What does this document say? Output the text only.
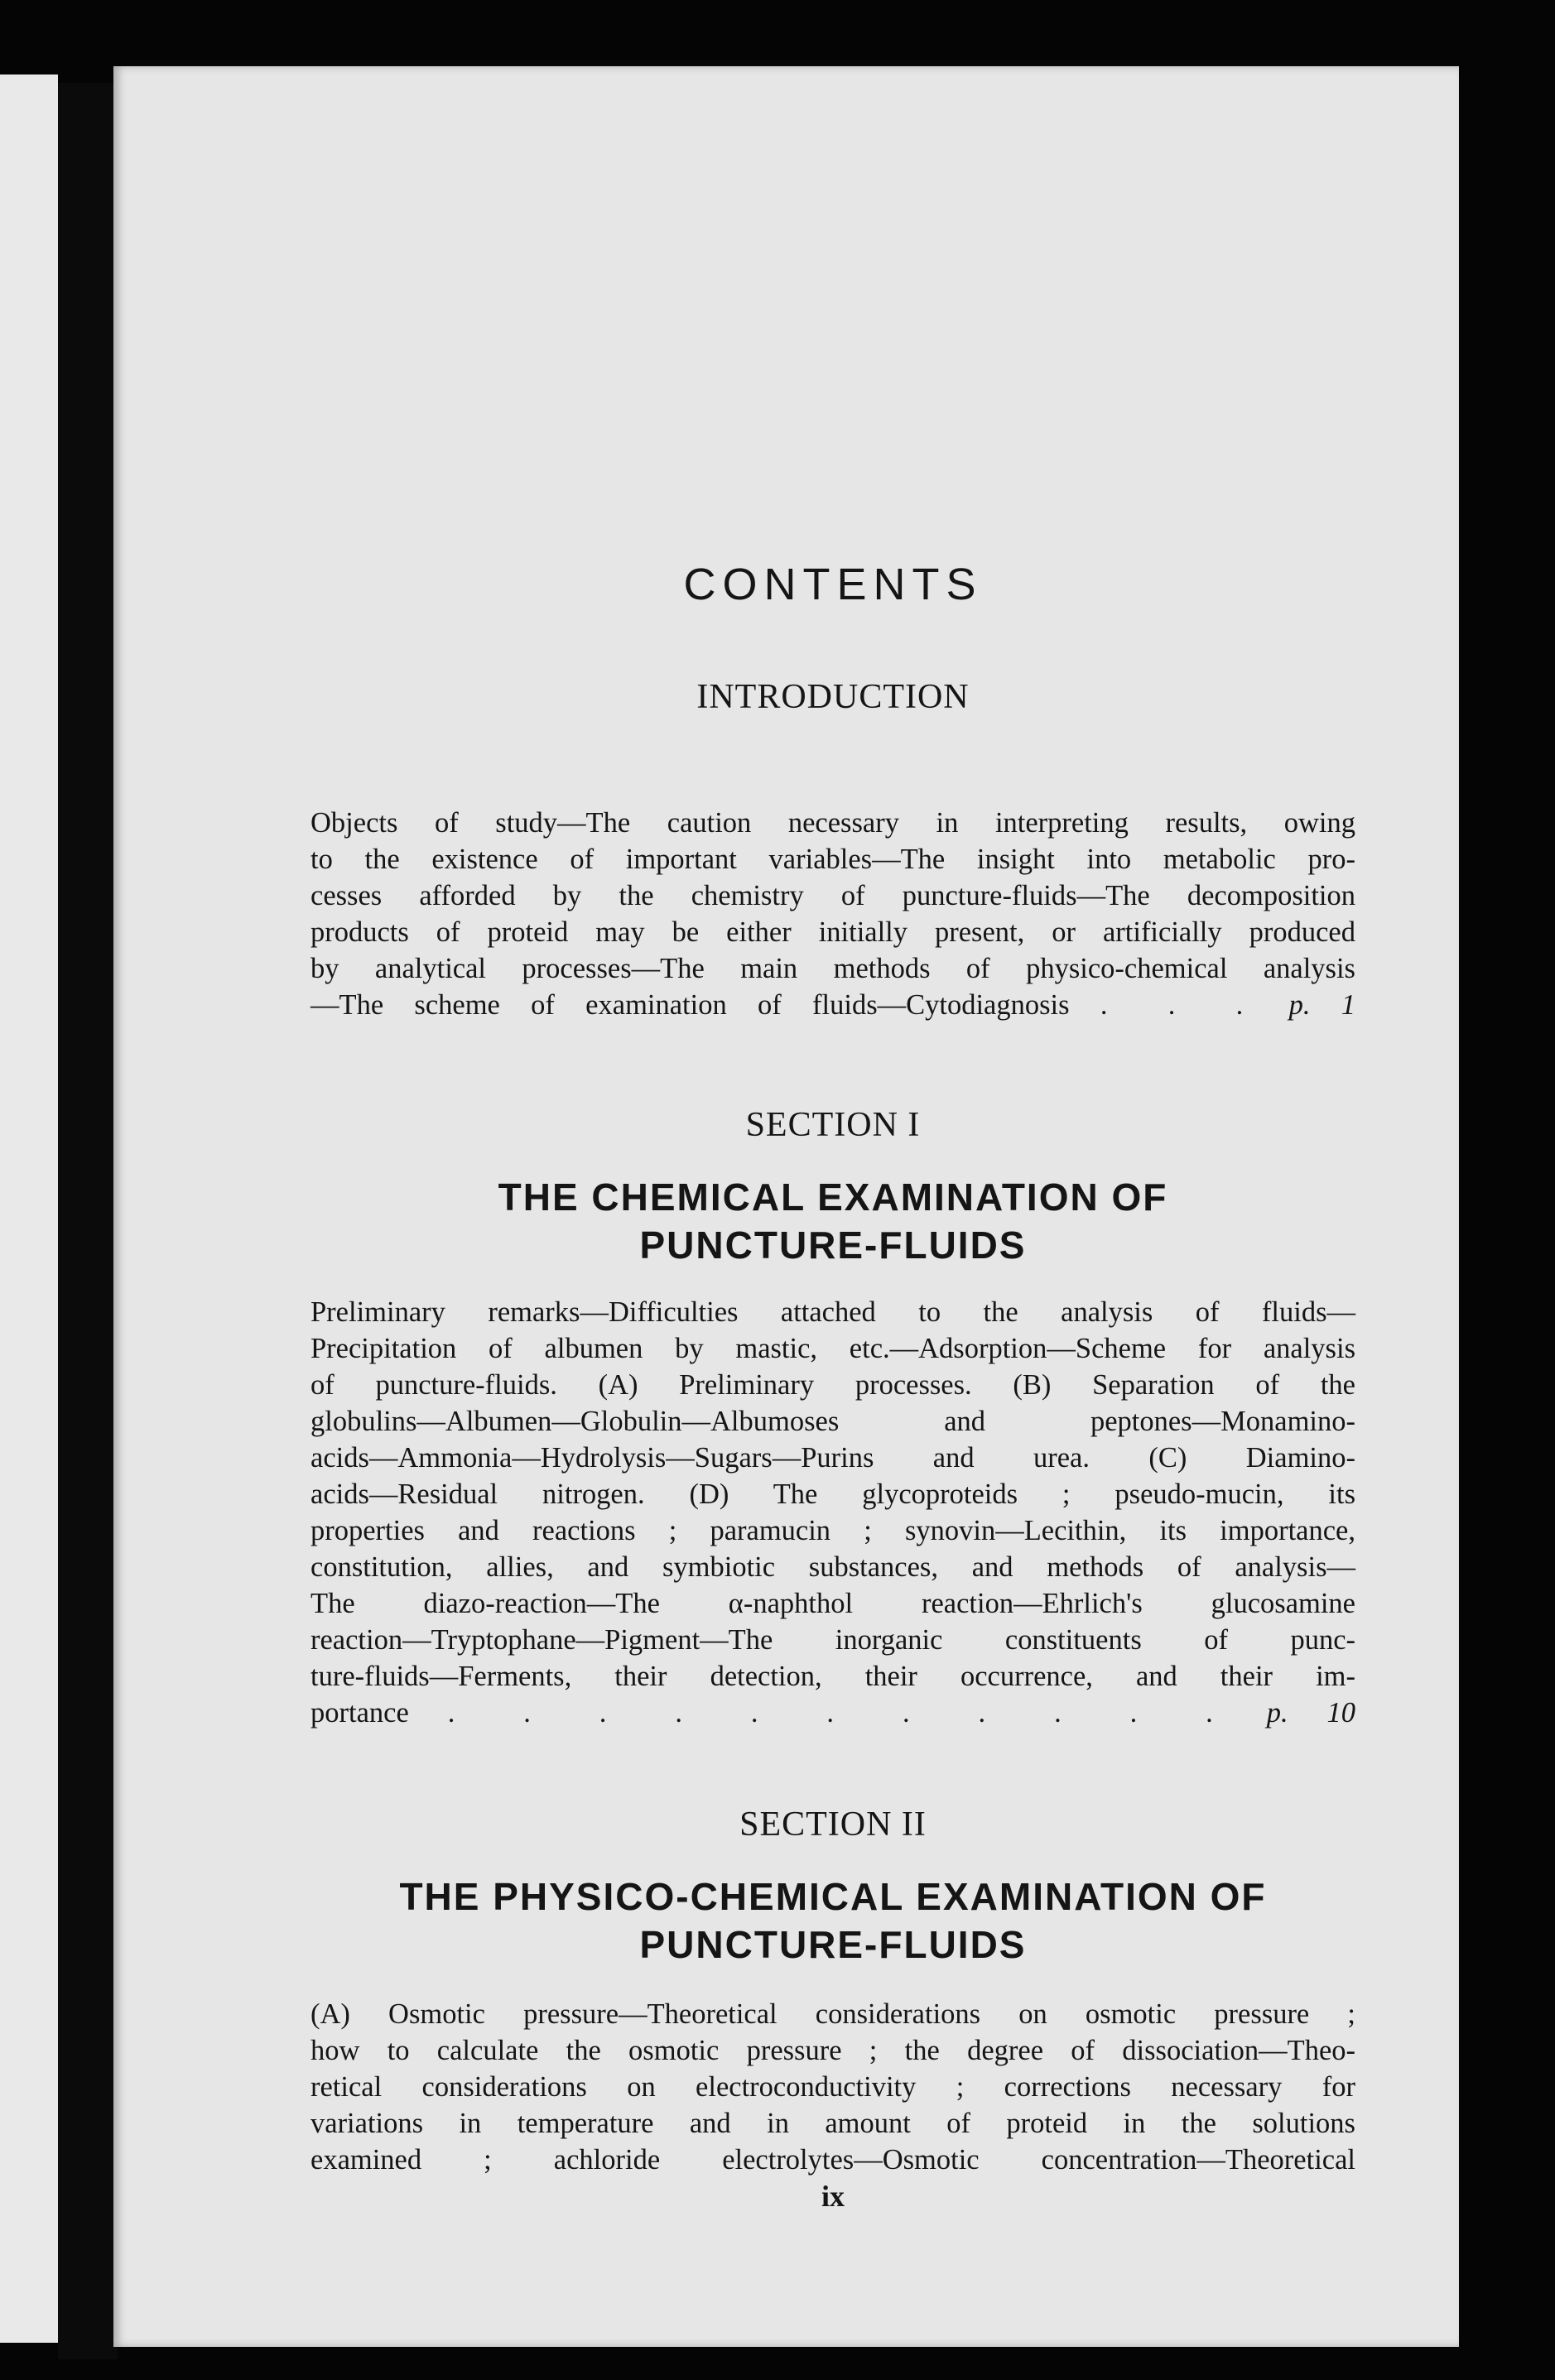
CONTENTS
INTRODUCTION
Objects of study—The caution necessary in interpreting results, owing
to the existence of important variables—The insight into metabolic pro-
cesses afforded by the chemistry of puncture-fluids—The decomposition
products of proteid may be either initially present, or artificially produced
by analytical processes—The main methods of physico-chemical analysis
—The scheme of examination of fluids—Cytodiagnosis . . . p. 1
SECTION I
THE CHEMICAL EXAMINATION OF
PUNCTURE-FLUIDS
Preliminary remarks—Difficulties attached to the analysis of fluids—
Precipitation of albumen by mastic, etc.—Adsorption—Scheme for analysis
of puncture-fluids. (A) Preliminary processes. (B) Separation of the
globulins—Albumen—Globulin—Albumoses and peptones—Monamino-
acids—Ammonia—Hydrolysis—Sugars—Purins and urea. (C) Diamino-
acids—Residual nitrogen. (D) The glycoproteids ; pseudo-mucin, its
properties and reactions ; paramucin ; synovin—Lecithin, its importance,
constitution, allies, and symbiotic substances, and methods of analysis—
The diazo-reaction—The α-naphthol reaction—Ehrlich's glucosamine
reaction—Tryptophane—Pigment—The inorganic constituents of punc-
ture-fluids—Ferments, their detection, their occurrence, and their im-
portance . . . . . . . . . . . p. 10
SECTION II
THE PHYSICO-CHEMICAL EXAMINATION OF
PUNCTURE-FLUIDS
(A) Osmotic pressure—Theoretical considerations on osmotic pressure ;
how to calculate the osmotic pressure ; the degree of dissociation—Theo-
retical considerations on electroconductivity ; corrections necessary for
variations in temperature and in amount of proteid in the solutions
examined ; achloride electrolytes—Osmotic concentration—Theoretical
ix
